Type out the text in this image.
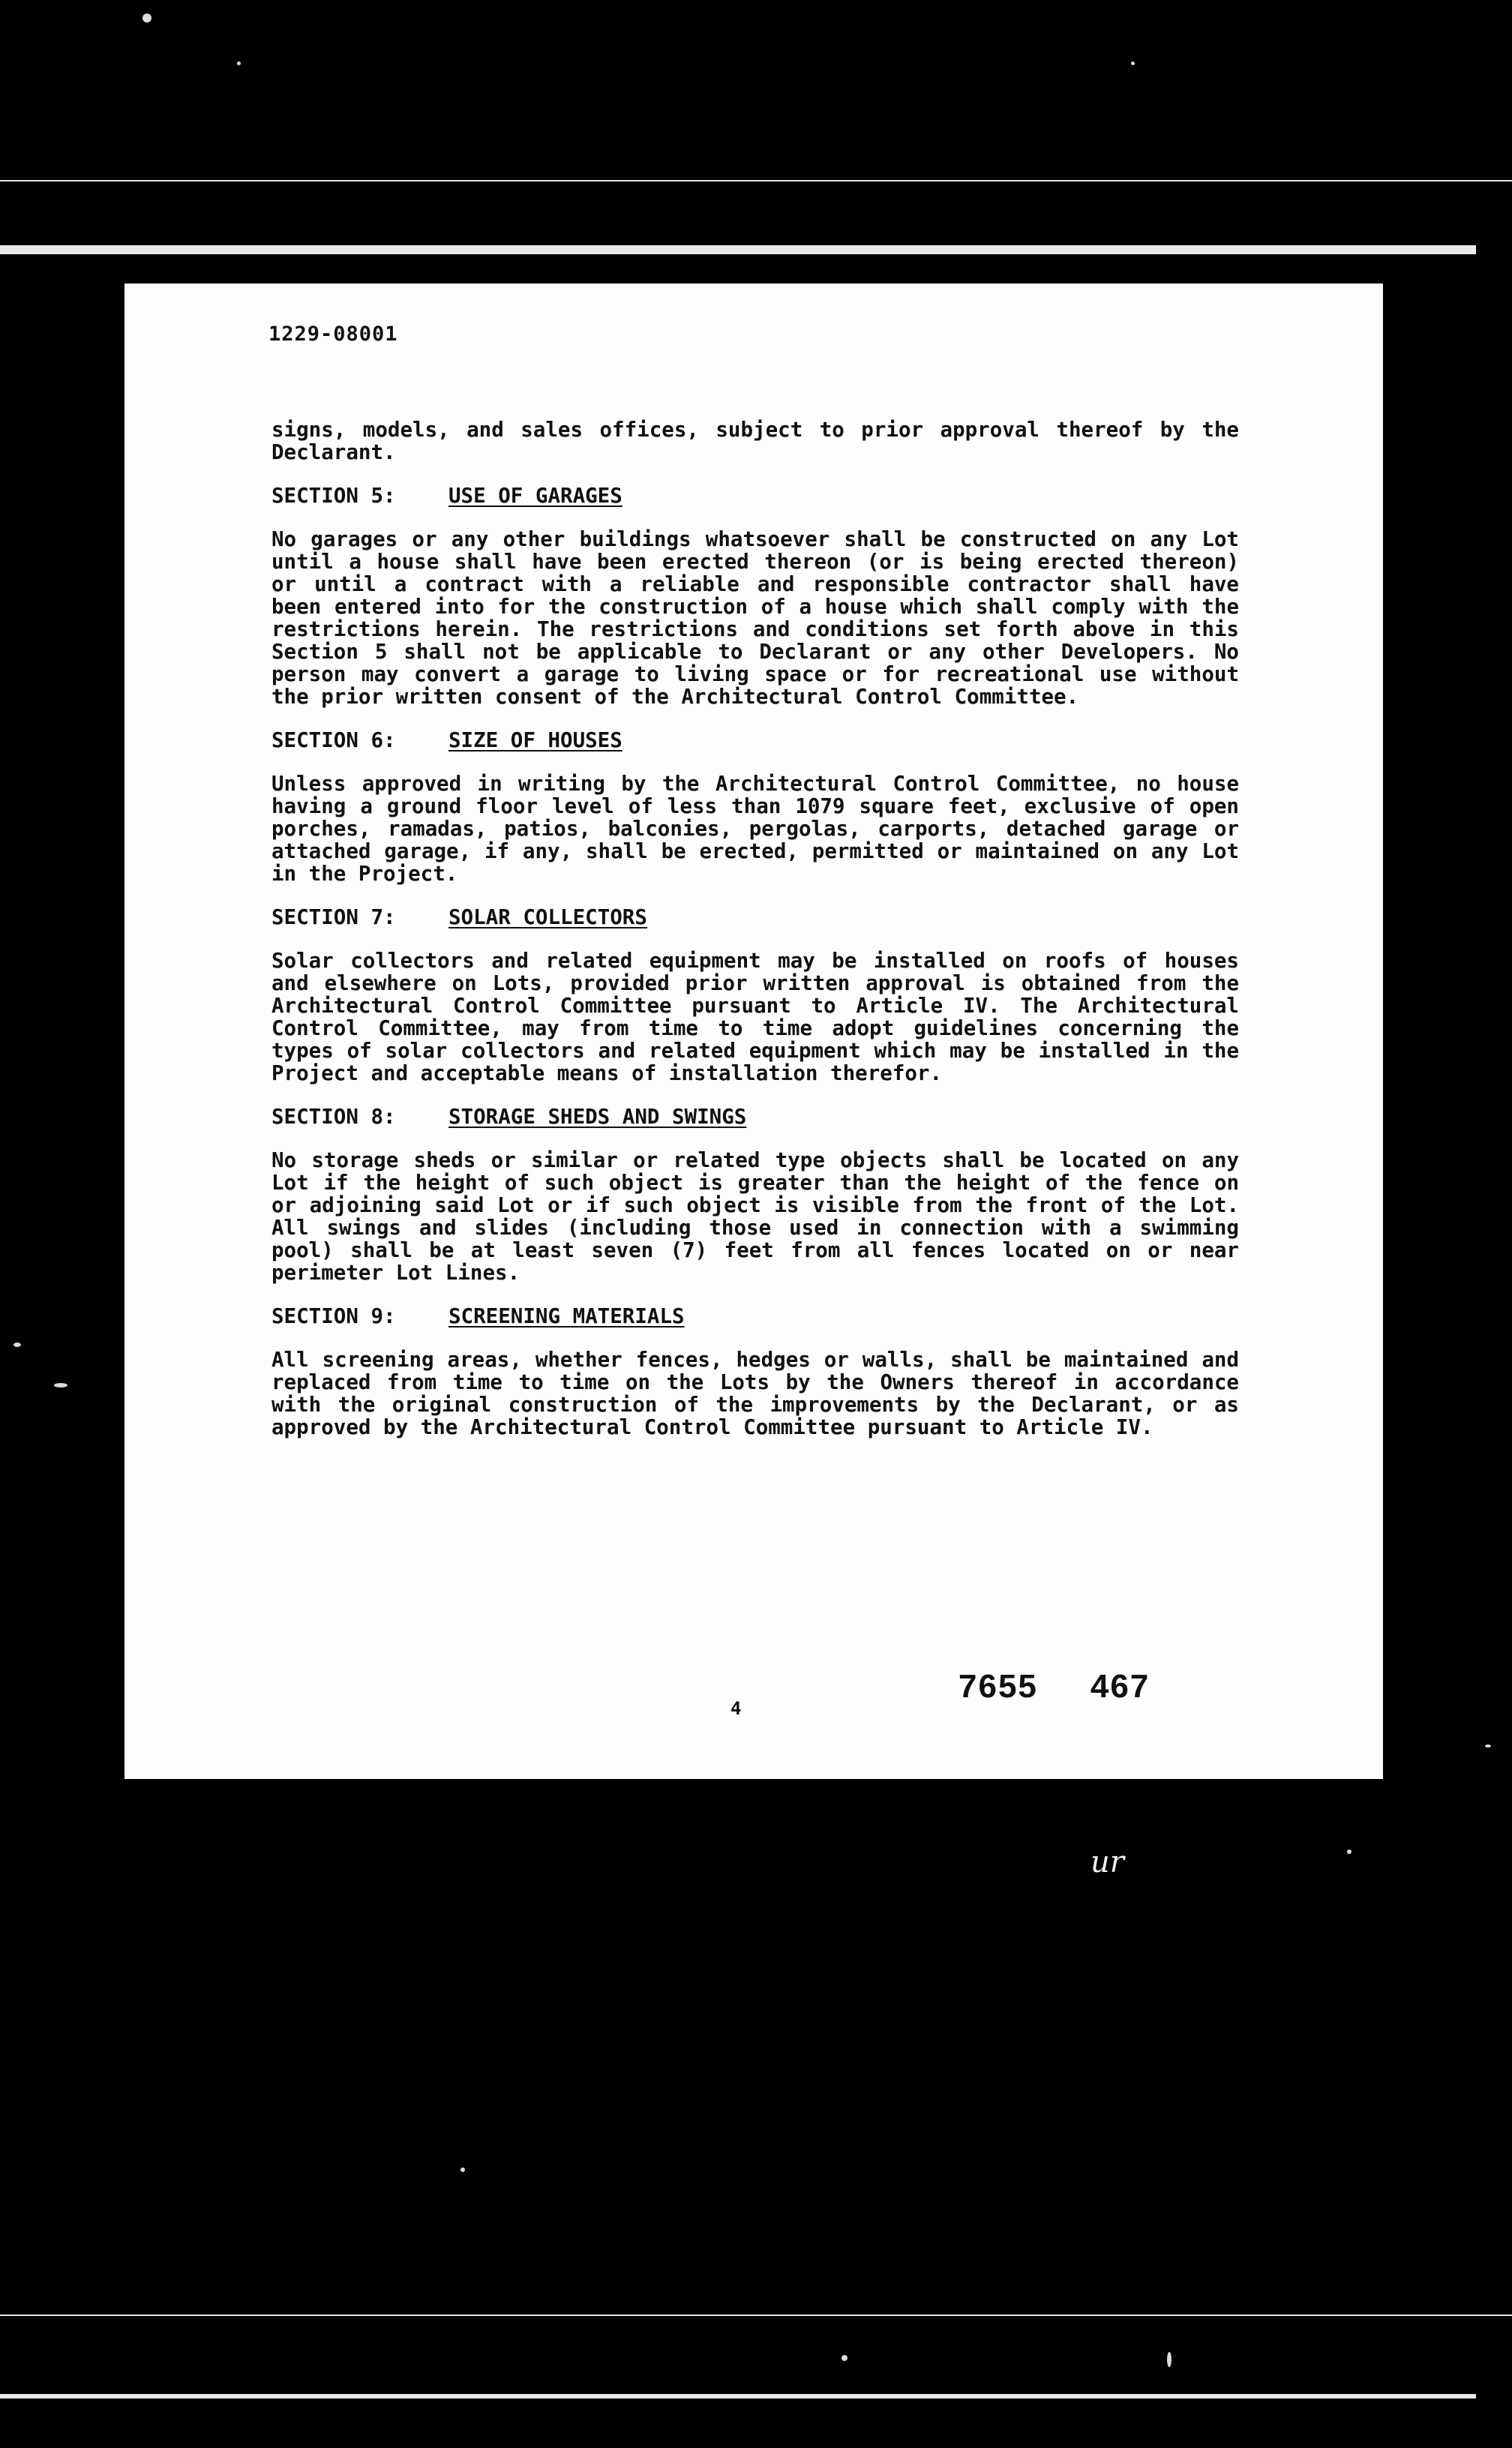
1229-08001

signs, models, and sales offices, subject to prior approval thereof by the Declarant.

SECTION 5:	USE OF GARAGES

No garages or any other buildings whatsoever shall be constructed on any Lot until a house shall have been erected thereon (or is being erected thereon) or until a contract with a reliable and responsible contractor shall have been entered into for the construction of a house which shall comply with the restrictions herein. The restrictions and conditions set forth above in this Section 5 shall not be applicable to Declarant or any other Developers. No person may convert a garage to living space or for recreational use without the prior written consent of the Architectural Control Committee.

SECTION 6:	SIZE OF HOUSES

Unless approved in writing by the Architectural Control Committee, no house having a ground floor level of less than 1079 square feet, exclusive of open porches, ramadas, patios, balconies, pergolas, carports, detached garage or attached garage, if any, shall be erected, permitted or maintained on any Lot in the Project.

SECTION 7:	SOLAR COLLECTORS

Solar collectors and related equipment may be installed on roofs of houses and elsewhere on Lots, provided prior written approval is obtained from the Architectural Control Committee pursuant to Article IV. The Architectural Control Committee, may from time to time adopt guidelines concerning the types of solar collectors and related equipment which may be installed in the Project and acceptable means of installation therefor.

SECTION 8:	STORAGE SHEDS AND SWINGS

No storage sheds or similar or related type objects shall be located on any Lot if the height of such object is greater than the height of the fence on or adjoining said Lot or if such object is visible from the front of the Lot. All swings and slides (including those used in connection with a swimming pool) shall be at least seven (7) feet from all fences located on or near perimeter Lot Lines.

SECTION 9:	SCREENING MATERIALS

All screening areas, whether fences, hedges or walls, shall be maintained and replaced from time to time on the Lots by the Owners thereof in accordance with the original construction of the improvements by the Declarant, or as approved by the Architectural Control Committee pursuant to Article IV.

4
7655 467
ur
